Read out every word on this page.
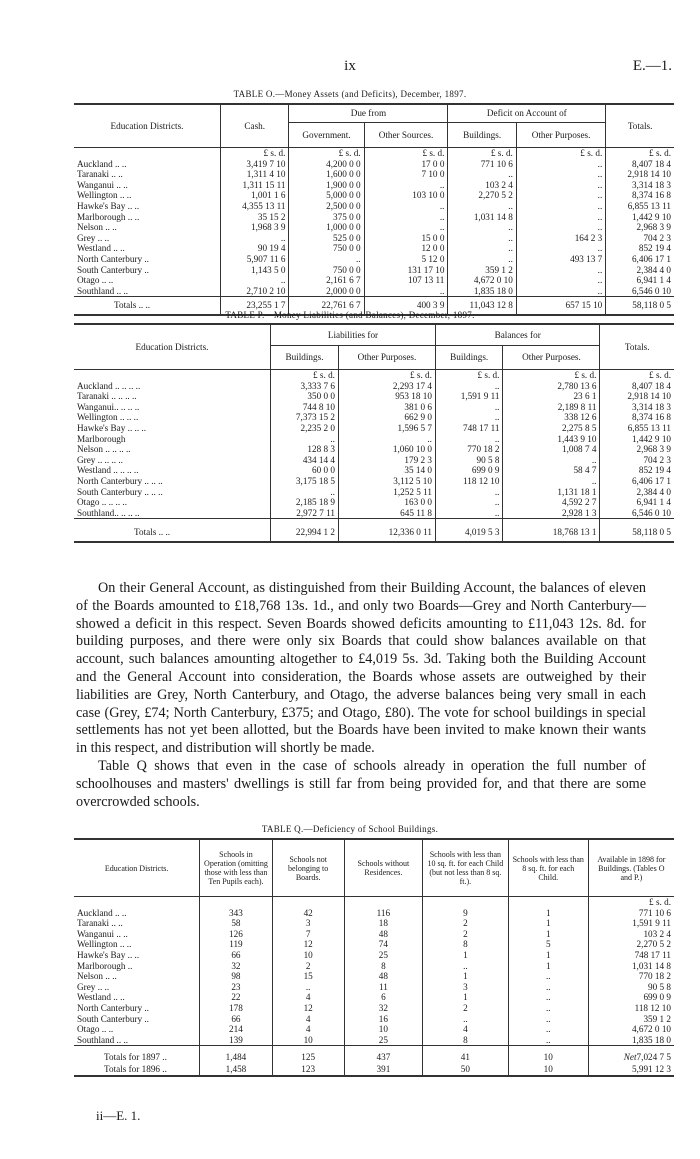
ix	E.—1.
TABLE O.—Money Assets (and Deficits), December, 1897.
Education Districts.	Cash.	Due from		Deficit on Account of		Totals.
		Government.	Other Sources.	Buildings.	Other Purposes.	
	£ s. d.	£ s. d.	£ s. d.	£ s. d.	£ s. d.	£ s. d.
Auckland .. ..	3,419 7 10	4,200 0 0	17 0 0	771 10 6	..	8,407 18 4
Taranaki .. ..	1,311 4 10	1,600 0 0	7 10 0	..	..	2,918 14 10
Wanganui .. ..	1,311 15 11	1,900 0 0	..	103 2 4	..	3,314 18 3
Wellington .. ..	1,001 1 6	5,000 0 0	103 10 0	2,270 5 2	..	8,374 16 8
Hawke's Bay .. ..	4,355 13 11	2,500 0 0	..	..	..	6,855 13 11
Marlborough .. ..	35 15 2	375 0 0	..	1,031 14 8	..	1,442 9 10
Nelson .. ..	1,968 3 9	1,000 0 0	..	..	..	2,968 3 9
Grey .. ..	..	525 0 0	15 0 0	..	164 2 3	704 2 3
Westland .. ..	90 19 4	750 0 0	12 0 0	..	..	852 19 4
North Canterbury ..	5,907 11 6	..	5 12 0	..	493 13 7	6,406 17 1
South Canterbury ..	1,143 5 0	750 0 0	131 17 10	359 1 2	..	2,384 4 0
Otago .. ..	..	2,161 6 7	107 13 11	4,672 0 10	..	6,941 1 4
Southland .. ..	2,710 2 10	2,000 0 0	..	1,835 18 0	..	6,546 0 10
Totals .. ..	23,255 1 7	22,761 6 7	400 3 9	11,043 12 8	657 15 10	58,118 0 5
TABLE P.—Money Liabilities (and Balances), December, 1897.
Education Districts.	Liabilities for		Balances for		Totals.
	Buildings.	Other Purposes.	Buildings.	Other Purposes.	
	£ s. d.	£ s. d.	£ s. d.	£ s. d.	£ s. d.
Auckland .. .. .. ..	3,333 7 6	2,293 17 4	..	2,780 13 6	8,407 18 4
Taranaki .. .. .. ..	350 0 0	953 18 10	1,591 9 11	23 6 1	2,918 14 10
Wanganui.. .. .. ..	744 8 10	381 0 6	..	2,189 8 11	3,314 18 3
Wellington .. .. ..	7,373 15 2	662 9 0	..	338 12 6	8,374 16 8
Hawke's Bay .. .. ..	2,235 2 0	1,596 5 7	748 17 11	2,275 8 5	6,855 13 11
Marlborough	..	..	..	1,443 9 10	1,442 9 10
Nelson .. .. .. ..	128 8 3	1,060 10 0	770 18 2	1,008 7 4	2,968 3 9
Grey .. .. .. ..	434 14 4	179 2 3	90 5 8	..	704 2 3
Westland .. .. .. ..	60 0 0	35 14 0	699 0 9	58 4 7	852 19 4
North Canterbury .. .. ..	3,175 18 5	3,112 5 10	118 12 10	..	6,406 17 1
South Canterbury .. .. ..	..	1,252 5 11	..	1,131 18 1	2,384 4 0
Otago .. .. .. ..	2,185 18 9	163 0 0	..	4,592 2 7	6,941 1 4
Southland.. .. .. ..	2,972 7 11	645 11 8	..	2,928 1 3	6,546 0 10
Totals .. ..	22,994 1 2	12,336 0 11	4,019 5 3	18,768 13 1	58,118 0 5

On their General Account, as distinguished from their Building Account, the balances of eleven of the Boards amounted to £18,768 13s. 1d., and only two Boards—Grey and North Canterbury—showed a deficit in this respect. Seven Boards showed deficits amounting to £11,043 12s. 8d. for building purposes, and there were only six Boards that could show balances available on that account, such balances amounting altogether to £4,019 5s. 3d. Taking both the Building Account and the General Account into consideration, the Boards whose assets are outweighed by their liabilities are Grey, North Canterbury, and Otago, the adverse balances being very small in each case (Grey, £74; North Canterbury, £375; and Otago, £80). The vote for school buildings in special settlements has not yet been allotted, but the Boards have been invited to make known their wants in this respect, and distribution will shortly be made.

Table Q shows that even in the case of schools already in operation the full number of schoolhouses and masters' dwellings is still far from being provided for, and that there are some overcrowded schools.

TABLE Q.—Deficiency of School Buildings.
Education Districts.	Schools in Operation (omitting those with less than Ten Pupils each).	Schools not belonging to Boards.	Schools without Residences.	Schools with less than 10 sq. ft. for each Child (but not less than 8 sq. ft.).	Schools with less than 8 sq. ft. for each Child.	Available in 1898 for Buildings. (Tables O and P.)
						£ s. d.
Auckland .. ..	343	42	116	9	1	771 10 6
Taranaki .. ..	58	3	18	2	1	1,591 9 11
Wanganui .. ..	126	7	48	2	1	103 2 4
Wellington .. ..	119	12	74	8	5	2,270 5 2
Hawke's Bay .. ..	66	10	25	1	1	748 17 11
Marlborough ..	32	2	8	..	1	1,031 14 8
Nelson .. ..	98	15	48	1	..	770 18 2
Grey .. ..	23	..	11	3	..	90 5 8
Westland .. ..	22	4	6	1	..	699 0 9
North Canterbury ..	178	12	32	2	..	118 12 10
South Canterbury ..	66	4	16	..	..	359 1 2
Otago .. ..	214	4	10	4	..	4,672 0 10
Southland .. ..	139	10	25	8	..	1,835 18 0
Totals for 1897 ..	1,484	125	437	41	10	Net7,024 7 5
Totals for 1896 ..	1,458	123	391	50	10	5,991 12 3
ii—E. 1.
